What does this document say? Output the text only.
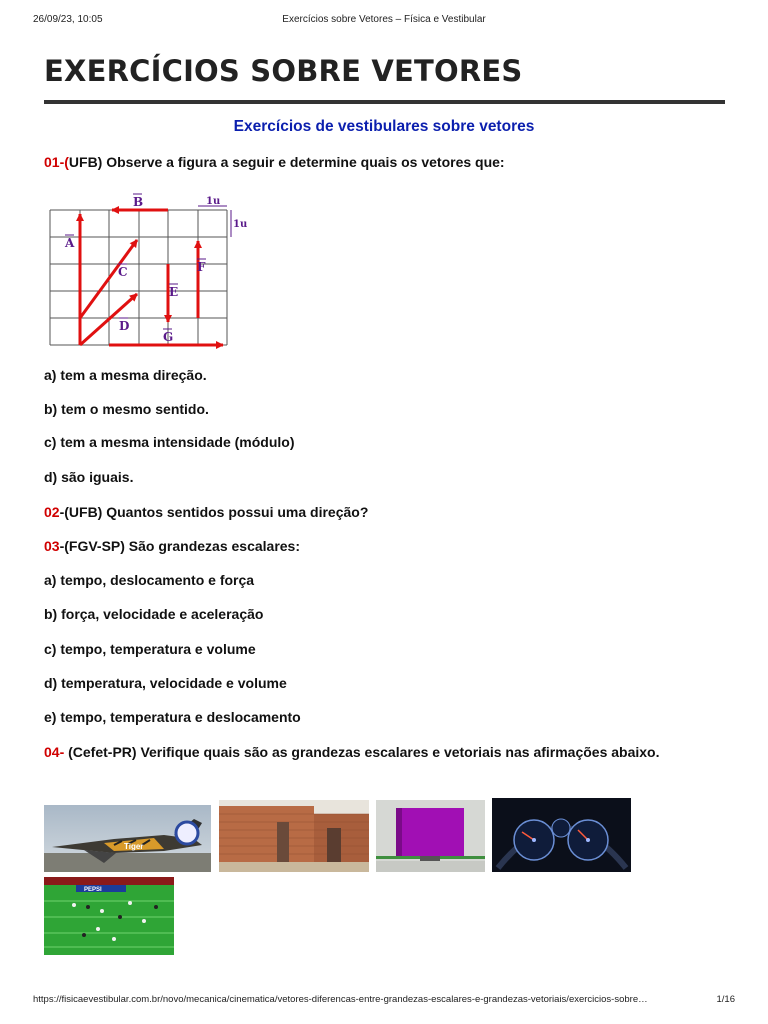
26/09/23, 10:05	Exercícios sobre Vetores – Física e Vestibular
EXERCÍCIOS SOBRE VETORES
Exercícios de vestibulares sobre vetores
01-(UFB) Observe a figura a seguir e determine quais os vetores que:
1u
1u
A
B
C
D
E
F
G
a) tem a mesma direção.
b) tem o mesmo sentido.
c) tem a mesma intensidade (módulo)
d) são iguais.
02-(UFB) Quantos sentidos possui uma direção?
03-(FGV-SP) São grandezas escalares:
a) tempo, deslocamento e força
b) força, velocidade e aceleração
c) tempo, temperatura e volume
d) temperatura, velocidade e volume
e) tempo, temperatura e deslocamento
04- (Cefet-PR) Verifique quais são as grandezas escalares e vetoriais nas afirmações abaixo.
Tiger
PEPSI
https://fisicaevestibular.com.br/novo/mecanica/cinematica/vetores-diferencas-entre-grandezas-escalares-e-grandezas-vetoriais/exercicios-sobre…	1/16
